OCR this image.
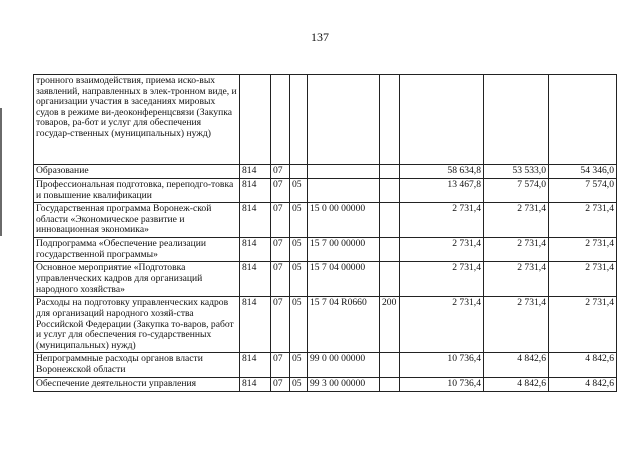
137
тронного взаимодействия, приема иско-вых заявлений, направленных в элек-тронном виде, и организации участия в заседаниях мировых судов в режиме ви-деоконференцсвязи (Закупка товаров, ра-бот и услуг для обеспечения государ-ственных (муниципальных) нужд)								
Образование	814	07				58 634,8	53 533,0	54 346,0
Профессиональная подготовка, переподго-товка и повышение квалификации	814	07	05			13 467,8	7 574,0	7 574,0
Государственная программа Воронеж-ской области «Экономическое развитие и инновационная экономика»	814	07	05	15 0 00 00000		2 731,4	2 731,4	2 731,4
Подпрограмма «Обеспечение реализации государственной программы»	814	07	05	15 7 00 00000		2 731,4	2 731,4	2 731,4
Основное мероприятие «Подготовка управленческих кадров для организаций народного хозяйства»	814	07	05	15 7 04 00000		2 731,4	2 731,4	2 731,4
Расходы на подготовку управленческих кадров для организаций народного хозяй-ства Российской Федерации (Закупка то-варов, работ и услуг для обеспечения го-сударственных (муниципальных) нужд)	814	07	05	15 7 04 R0660	200	2 731,4	2 731,4	2 731,4
Непрограммные расходы органов власти Воронежской области	814	07	05	99 0 00 00000		10 736,4	4 842,6	4 842,6
Обеспечение деятельности управления	814	07	05	99 3 00 00000		10 736,4	4 842,6	4 842,6
